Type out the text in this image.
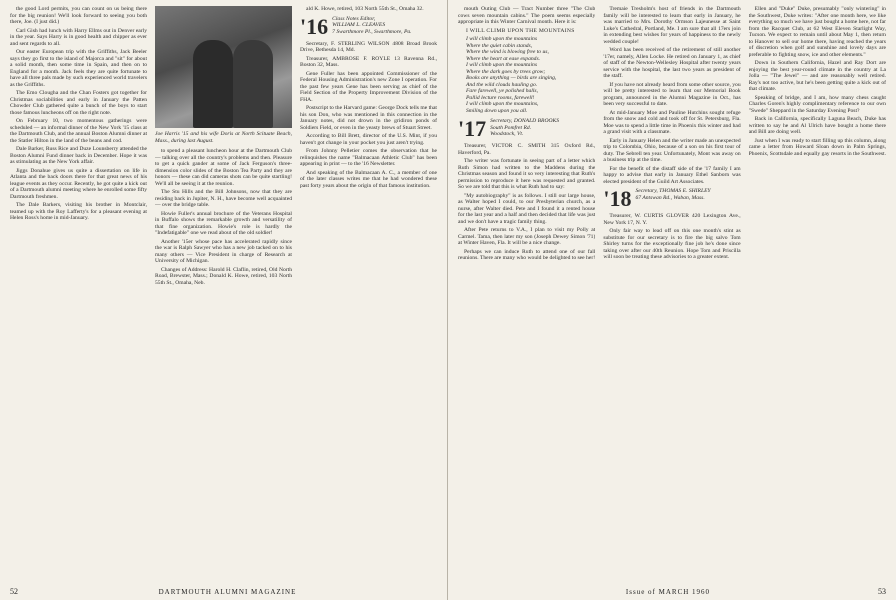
the good Lord permits, you can count on us being there for the big reunion! We'll look forward to seeing you both there, Joe. (I just did.)

Carl Gish had lunch with Harry Ellms out in Denver early in the year. Says Harry is in good health and chipper as ever and sent regards to all.

Our easter European trip with the Griffiths, Jack Beeler says they go first to the island of Majorca and "sit" for about a solid month, then some time in Spain, and then on to England for a month. Jack feels they are quite fortunate to have all three pals made by such experienced world travelers as the Griffiths.

The Emo Clougha and the Chan Fosters got together for Christmas sociabilities and early in January the Patten Chowder Club gathered quite a bunch of the boys to start those famous luncheons off on the right note.

On February 10, two momentous gatherings were scheduled — an informal dinner of the New York '15 class at the Dartmouth Club, and the annual Boston Alumni dinner at the Statler Hilton in the land of the beans and cod.

Dale Barker, Russ Rice and Duze Lounsberry attended the Boston Alumni Fund dinner back in December. Hope it was as stimulating as the New York affair.

Jiggs Donahue gives us quite a dissertation on life in Atlanta and the back doors there for that great news of his league events as they occur. Recently, he got quite a kick out of a Dartmouth alumni meeting where he enrolled some fifty Dartmouth freshmen.

The Dale Barkers, visiting his brother in Montclair, teamed up with the Roy Lafferty's for a pleasant evening at Helen Ross's home in mid-January.

Joe Harris '15 and his wife Doris at North Scituate Beach, Mass., during last August.

to spend a pleasant luncheon hour at the Dartmouth Club — talking over all the country's problems and then. Pleasure to get a quick gander at some of Jack Ferguson's three-dimension color slides of the Boston Tea Party and they are honors — these can did cameras shots can be quite startling! We'll all be seeing it at the reunion.

The Stu Hills and the Bill Johnsons, now that they are residing back in Jupiter, N. H., have become well acquainted — over the bridge table.

Howie Fuller's annual brochure of the Veterans Hospital in Buffalo shows the remarkable growth and versatility of that fine organization. Howie's role is hardly the "Indefatigable" one we read about of the old soldier!

Another '15er whose pace has accelerated rapidly since the war is Ralph Sawyer who has a new job tacked on to his many others — Vice President in charge of Research at University of Michigan.

Changes of Address: Harold H. Claflin, retired, Old North Road, Brewster, Mass.; Donald K. Howe, retired, 103 North 55th St., Omaha, Neb.

ald K. Howe, retired, 103 North 55th St., Omaha 32.

'16 Class Notes Editor,
WILLIAM L. CLEAVES
7 Swarthmore Pl., Swarthmore, Pa.

Secretary, F. STERLING WILSON 4808 Broad Brook Drive, Bethesda 14, Md.

Treasurer, AMBROSE F. ROYLE 13 Ravenna Rd., Boston 32, Mass.

Gene Fuller has been appointed Commissioner of the Federal Housing Administration's new Zone I operation. For the past few years Gene has been serving as chief of the Field Section of the Property Improvement Division of the FHA.

Postscript to the Harvard game: George Dock tells me that his son Don, who was mentioned in this connection in the January notes, did not drown in the gridiron ponds of Soldiers Field, or even in the yeasty brews of Stuart Street.

According to Bill Brett, director of the U.S. Mint, if you haven't got change in your pocket you just aren't trying.

From Johnny Pelletier comes the observation that he relinquishes the name "Balmacaan Athletic Club" has been appearing in print — to the '16 Newsletter.

And speaking of the Balmacaan A. C., a member of one of the later classes writes me that he had wondered these past forty years about the origin of that famous institution.

52	DARTMOUTH ALUMNI MAGAZINE

mouth Outing Club — Tract Number three "The Club cows seven mountain cabins." The poem seems especially appropriate in this Winter Carnival month. Here it is:

I WILL CLIMB UPON THE MOUNTAINS
I will climb upon the mountains
Where the quiet cabin stands,
Where the wind is blowing free to us,
Where the heart at ease expands.
I will climb upon the mountains
Where the dark goes by trees grow;
Books are anything — birds are singing,
And the wild clouds hauling go.
Fare farewell, ye polished halls,
Pallid lecture rooms, farewell!
I will climb upon the mountains,
Smiling down upon you all.
'17 Secretary, DONALD BROOKS
South Pomfret Rd.
Woodstock, Vt.

Treasurer, VICTOR C. SMITH 315 Oxford Rd., Haverford, Pa.

The writer was fortunate in seeing part of a letter which Ruth Simon had written to the Maddens during the Christmas season and found it so very interesting that Ruth's permission to reproduce it here was requested and granted. So we are told that this is what Ruth had to say:

"My autobiography" is as follows. I still our large house, as Walter hoped I could, to our Presbyterian church, as a nurse, after Walter died. Pete and I found it a rented house for the last year and a half and then decided that life was just and we don't have a tragic family thing.

After Pete returns to V.A., I plan to visit my Polly at Carmel. Tama, then later my son (Joseph Dewey Simon '71) at Winter Haven, Fla. It will be a nice change.

Perhaps we can induce Ruth to attend one of our fall reunions. There are many who would be delighted to see her!

Tremaie Tresholm's host of friends in the Dartmouth family will be interested to learn that early in January, he was married to Mrs. Dorothy Ormson Lajeunesse at Saint Luke's Cathedral, Portland, Me. I am sure that all 17ers join in extending best wishes for years of happiness to the newly wedded couple!

Word has been received of the retirement of still another '17er, namely, Allen Locke. He retired on January 1, as chief of staff of the Newton-Wellesley Hospital after twenty years service with the hospital, the last two years as president of the staff.

If you have not already heard from some other source, you will be pretty interested to learn that our Memorial Book program, announced in the Alumni Magazine in Oct., has been very successful to date.

At mid-January Moe and Pauline Hutchins sought refuge from the snow and cold and took off for St. Petersburg, Fla. Moe was to spend a little time in Phoenix this winter and had a grand visit with a classmate.

Early in January Helen and the writer made an unexpected trip to Colombia, Ohio, because of a son on his first tour of duty. The Sebrell ten year. Unfortunately, Mont was away on a business trip at the time.

For the benefit of the distaff side of the '17 family I am happy to advise that early in January Ethel Sanborn was elected president of the Guild Art Associates.

'18 Secretary, THOMAS E. SHIRLEY
67 Antswan Rd., Waban, Mass.

Treasurer, W. CURTIS GLOVER 420 Lexington Ave., New York 17, N. Y.

Only fair way to lead off on this one month's stint as substitute for our secretary is to fire the big salvo Tom Shirley turns for the exceptionally fine job he's done since taking over after our 40th Reunion. Hope Tom and Priscilla will soon be treating these advisories to a greater extent.

Ellen and "Duke" Duke, presumably "only wintering" in the Southwest, Duke writes: "After one month here, we like everything so much we have just bought a home here, not far from the Racquet Club, at 62 West Eleven Starlight Way, Tucson. We expect to remain until about May 1, then return to Hanover to sell our home there, having reached the years of discretion when golf and sunshine and lovely days are preferable to fighting snow, ice and other elements."

Down in Southern California, Hazel and Ray Dort are enjoying the best year-round climate in the country at La Jolla — "The Jewel" — and are reasonably well retired. Ray's not too active, but he's been getting quite a kick out of that climate.

Speaking of bridge, and I am, how many chess caught Charles Goren's highly complimentary reference to our own "Swede" Sheppard in the Saturday Evening Post?

Back in California, specifically Laguna Beach, Duke has written to say he and Al Ulrich have bought a home there and Bill are doing well.

Just when I was ready to start filling up this column, along came a letter from Howard Sloan down in Palm Springs, Phoenix, Scottsdale and equally gay resorts in the Southwest.

Issue of MARCH 1960	53
